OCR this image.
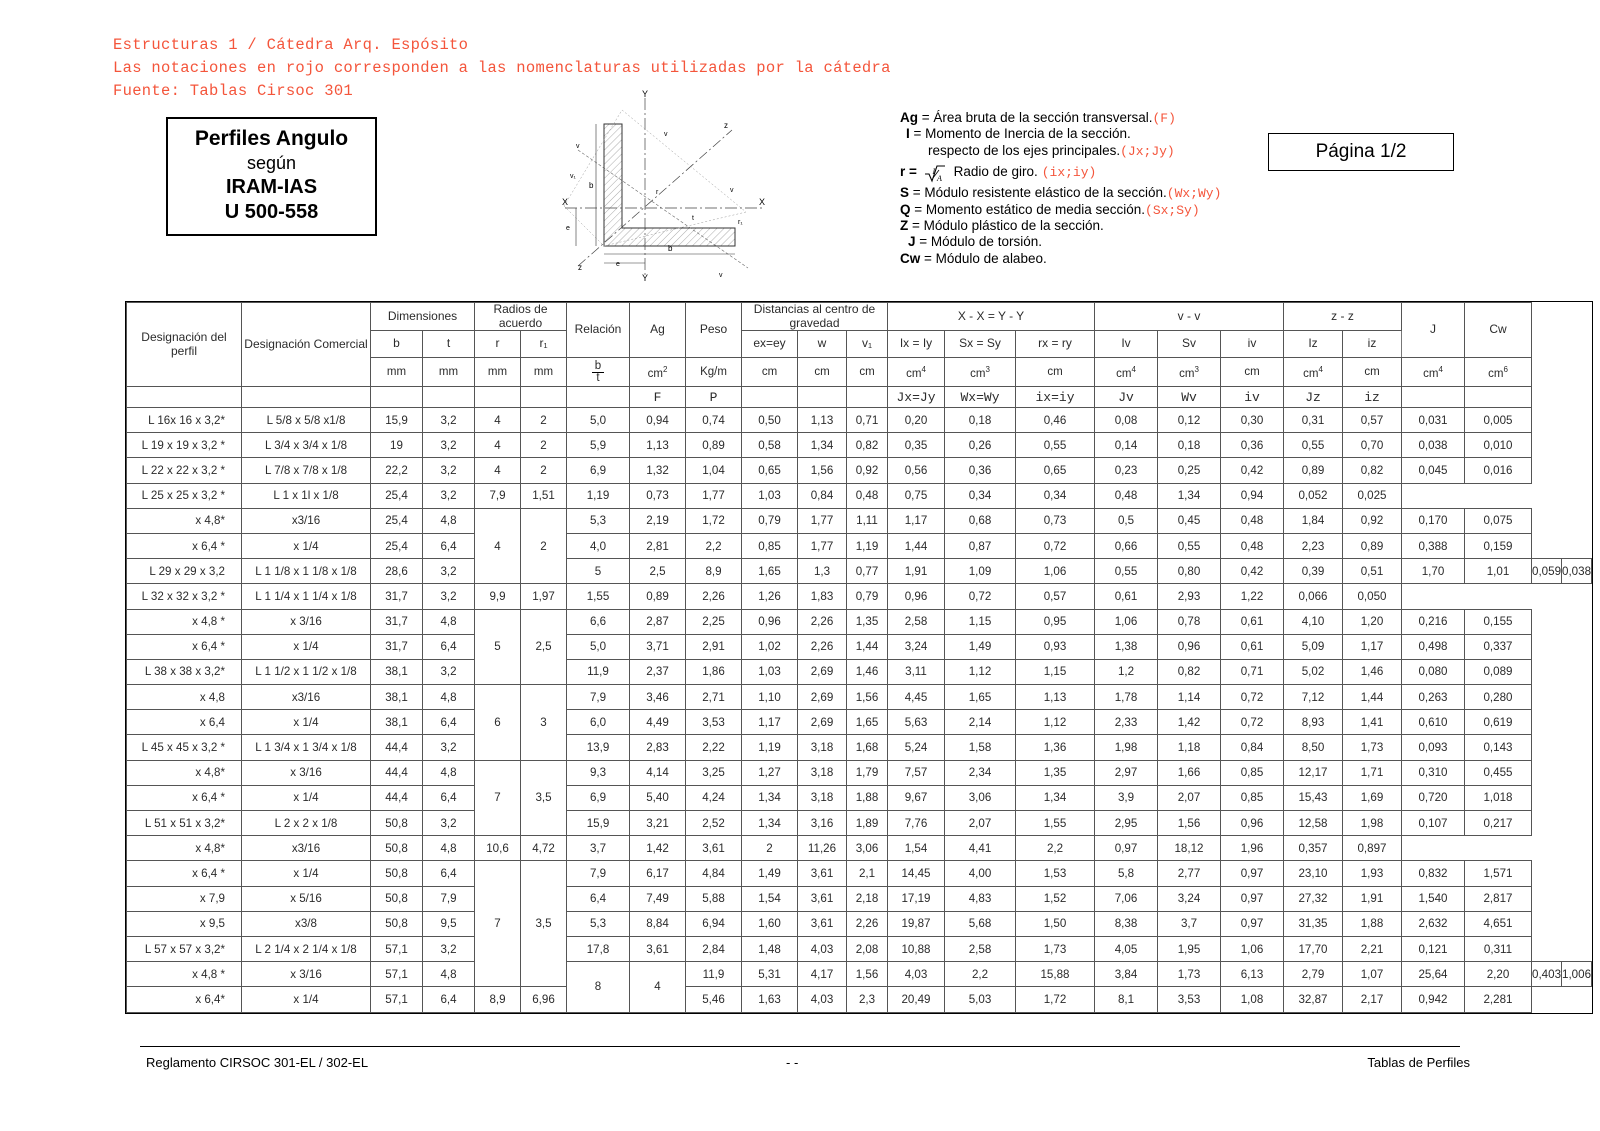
Estructuras 1 / Cátedra Arq. Espósito
Las notaciones en rojo corresponden a las nomenclaturas utilizadas por la cátedra
Fuente: Tablas Cirsoc 301
Perfiles Angulo
según
IRAM-IAS
U 500-558
Página 1/2
Y
Y
X
X
z
z
v
v₁
v
v
v
b
b
e
e
r
r₁
t
Ag = Área bruta de la sección transversal.(F)
I = Momento de Inercia de la sección.
respecto de los ejes principales.(Jx;Jy)
r = I
A Radio de giro. (ix;iy)
S = Módulo resistente elástico de la sección.(Wx;Wy)
Q = Momento estático de media sección.(Sx;Sy)
Z = Módulo plástico de la sección.
J = Módulo de torsión.
Cw = Módulo de alabeo.
Designación del perfil	Designación Comercial	Dimensiones		Radios de acuerdo		Relación	Ag	Peso	Distancias al centro de gravedad			X - X = Y - Y			v - v			z - z		J	Cw		
		b	t	r	r₁				ex=ey	w	v₁	Ix = Iy	Sx = Sy	rx = ry	Iv	Sv	iv	Iz	iz				
		mm	mm	mm	mm	$\frac{b}{t}$	$cm^2$	Kg/m	cm	cm	cm	$cm^4$	$cm^3$	cm	$cm^4$	$cm^3$	cm	$cm^4$	cm	$cm^4$	$cm^6$
							F	P				Jx=Jy	Wx=Wy	ix=iy	Jv	Wv	iv	Jz	iz				
L 16x 16 x 3,2*	L 5/8 x 5/8 x1/8	15,9	3,2	4	2	5,0	0,94	0,74	0,50	1,13	0,71	0,20	0,18	0,46	0,08	0,12	0,30	0,31	0,57	0,031	0,005		
L 19 x 19 x 3,2 *	L 3/4 x 3/4 x 1/8	19	3,2	4	2	5,9	1,13	0,89	0,58	1,34	0,82	0,35	0,26	0,55	0,14	0,18	0,36	0,55	0,70	0,038	0,010		
L 22 x 22 x 3,2 *	L 7/8 x 7/8 x 1/8	22,2	3,2	4	2	6,9	1,32	1,04	0,65	1,56	0,92	0,56	0,36	0,65	0,23	0,25	0,42	0,89	0,82	0,045	0,016		
L 25 x 25 x 3,2 *	L 1 x 1l x 1/8	25,4	3,2	7,9	1,51	1,19	0,73	1,77	1,03	0,84	0,48	0,75	0,34	0,34	0,48	1,34	0,94	0,052	0,025				
x 4,8*	x3/16	25,4	4,8	4	2	5,3	2,19	1,72	0,79	1,77	1,11	1,17	0,68	0,73	0,5	0,45	0,48	1,84	0,92	0,170	0,075		
x 6,4 *	x 1/4	25,4	6,4			4,0	2,81	2,2	0,85	1,77	1,19	1,44	0,87	0,72	0,66	0,55	0,48	2,23	0,89	0,388	0,159		
L 29 x 29 x 3,2	L 1 1/8 x 1 1/8 x 1/8	28,6	3,2			5	2,5	8,9	1,65	1,3	0,77	1,91	1,09	1,06	0,55	0,80	0,42	0,39	0,51	1,70	1,01	0,059	0,038
L 32 x 32 x 3,2 *	L 1 1/4 x 1 1/4 x 1/8	31,7	3,2	9,9	1,97	1,55	0,89	2,26	1,26	1,83	0,79	0,96	0,72	0,57	0,61	2,93	1,22	0,066	0,050				
x 4,8 *	x 3/16	31,7	4,8	5	2,5	6,6	2,87	2,25	0,96	2,26	1,35	2,58	1,15	0,95	1,06	0,78	0,61	4,10	1,20	0,216	0,155		
x 6,4 *	x 1/4	31,7	6,4			5,0	3,71	2,91	1,02	2,26	1,44	3,24	1,49	0,93	1,38	0,96	0,61	5,09	1,17	0,498	0,337		
L 38 x 38 x 3,2*	L 1 1/2 x 1 1/2 x 1/8	38,1	3,2			11,9	2,37	1,86	1,03	2,69	1,46	3,11	1,12	1,15	1,2	0,82	0,71	5,02	1,46	0,080	0,089		
x 4,8	x3/16	38,1	4,8	6	3	7,9	3,46	2,71	1,10	2,69	1,56	4,45	1,65	1,13	1,78	1,14	0,72	7,12	1,44	0,263	0,280		
x 6,4	x 1/4	38,1	6,4			6,0	4,49	3,53	1,17	2,69	1,65	5,63	2,14	1,12	2,33	1,42	0,72	8,93	1,41	0,610	0,619		
L 45 x 45 x 3,2 *	L 1 3/4 x 1 3/4 x 1/8	44,4	3,2			13,9	2,83	2,22	1,19	3,18	1,68	5,24	1,58	1,36	1,98	1,18	0,84	8,50	1,73	0,093	0,143		
x 4,8*	x 3/16	44,4	4,8	7	3,5	9,3	4,14	3,25	1,27	3,18	1,79	7,57	2,34	1,35	2,97	1,66	0,85	12,17	1,71	0,310	0,455		
x 6,4 *	x 1/4	44,4	6,4			6,9	5,40	4,24	1,34	3,18	1,88	9,67	3,06	1,34	3,9	2,07	0,85	15,43	1,69	0,720	1,018		
L 51 x 51 x 3,2*	L 2 x 2 x 1/8	50,8	3,2			15,9	3,21	2,52	1,34	3,16	1,89	7,76	2,07	1,55	2,95	1,56	0,96	12,58	1,98	0,107	0,217		
x 4,8*	x3/16	50,8	4,8	10,6	4,72	3,7	1,42	3,61	2	11,26	3,06	1,54	4,41	2,2	0,97	18,12	1,96	0,357	0,897				
x 6,4 *	x 1/4	50,8	6,4	7	3,5	7,9	6,17	4,84	1,49	3,61	2,1	14,45	4,00	1,53	5,8	2,77	0,97	23,10	1,93	0,832	1,571		
x 7,9	x 5/16	50,8	7,9			6,4	7,49	5,88	1,54	3,61	2,18	17,19	4,83	1,52	7,06	3,24	0,97	27,32	1,91	1,540	2,817		
x 9,5	x3/8	50,8	9,5			5,3	8,84	6,94	1,60	3,61	2,26	19,87	5,68	1,50	8,38	3,7	0,97	31,35	1,88	2,632	4,651		
L 57 x 57 x 3,2*	L 2 1/4 x 2 1/4 x 1/8	57,1	3,2			17,8	3,61	2,84	1,48	4,03	2,08	10,88	2,58	1,73	4,05	1,95	1,06	17,70	2,21	0,121	0,311		
x 4,8 *	x 3/16	57,1	4,8			8	4	11,9	5,31	4,17	1,56	4,03	2,2	15,88	3,84	1,73	6,13	2,79	1,07	25,64	2,20	0,403	1,006
x 6,4*	x 1/4	57,1	6,4	8,9	6,96			5,46	1,63	4,03	2,3	20,49	5,03	1,72	8,1	3,53	1,08	32,87	2,17	0,942	2,281		
Reglamento CIRSOC 301-EL / 302-EL	- -	Tablas de Perfiles
